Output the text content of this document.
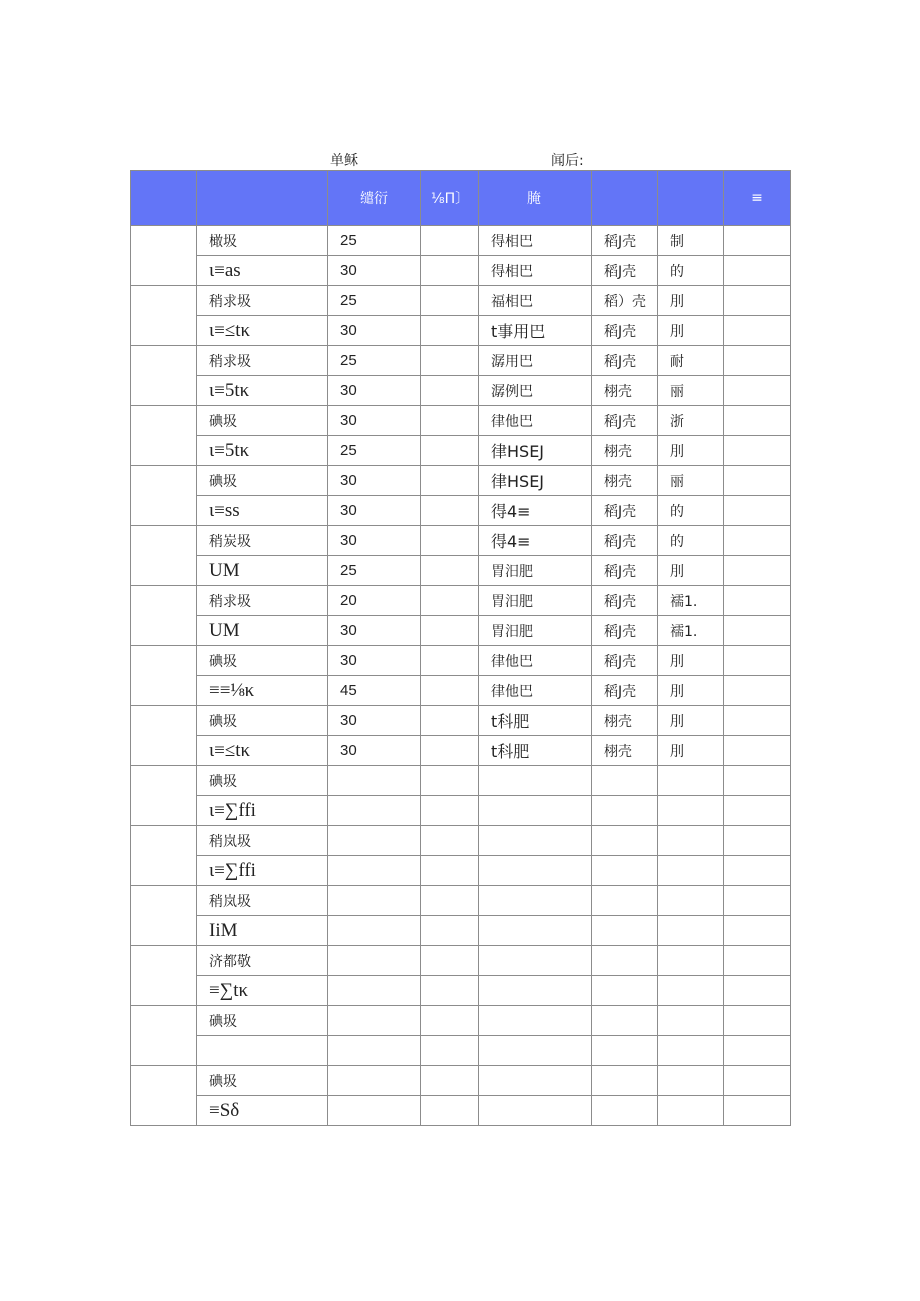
单稣	闻后:
		缱衍	⅛П〕	腌			≡
	橄圾	25		得相巴	稻J壳	制	
	ι≡as	30		得相巴	稻J壳	的	
	稍求圾	25		福相巴	稻）壳	刖	
	ι≡≤tκ	30		t事用巴	稻J壳	刖	
	稍求圾	25		潺用巴	稻J壳	耐	
	ι≡5tκ	30		潺例巴	栩壳	丽	
	碘圾	30		律他巴	稻J壳	浙	
	ι≡5tκ	25		律HSEJ	栩壳	刖	
	碘圾	30		律HSEJ	栩壳	丽	
	ι≡ss	30		得4≡	稻J壳	的	
	稍炭圾	30		得4≡	稻J壳	的	
	UM	25		胃汨肥	稻J壳	刖	
	稍求圾	20		胃汨肥	稻J壳	襦1.	
	UM	30		胃汨肥	稻J壳	襦1.	
	碘圾	30		律他巴	稻J壳	刖	
	≡≡⅛κ	45		律他巴	稻J壳	刖	
	碘圾	30		t科肥	栩壳	刖	
	ι≡≤tκ	30		t科肥	栩壳	刖	
	碘圾						
	ι≡∑ffi						
	稍岚圾						
	ι≡∑ffi						
	稍岚圾						
	IiM						
	济都敬						
	≡∑tκ						
	碘圾						

	碘圾						
	≡Sδ						
